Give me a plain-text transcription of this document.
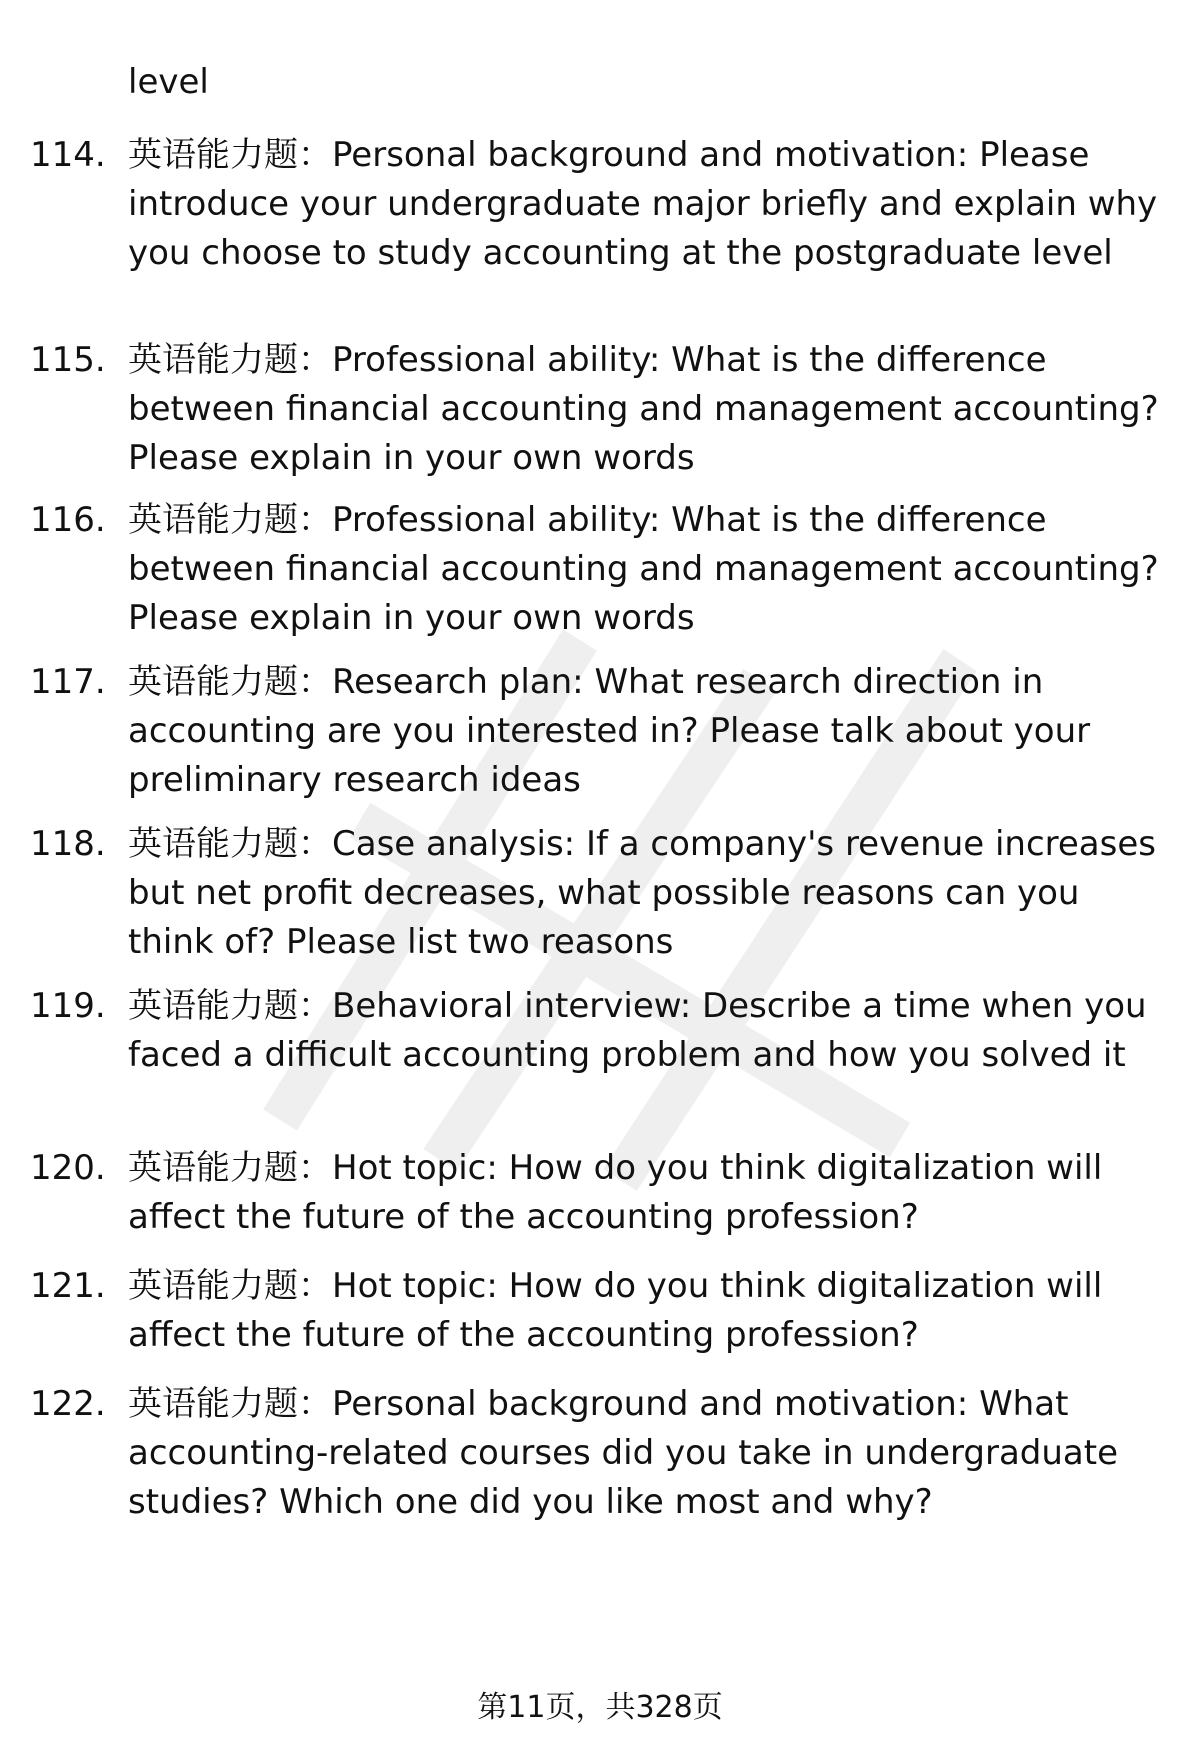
level
114. 英语能力题：Personal background and motivation: Please introduce your undergraduate major briefly and explain why you choose to study accounting at the postgraduate level
115. 英语能力题：Professional ability: What is the difference between financial accounting and management accounting? Please explain in your own words
116. 英语能力题：Professional ability: What is the difference between financial accounting and management accounting? Please explain in your own words
117. 英语能力题：Research plan: What research direction in accounting are you interested in? Please talk about your preliminary research ideas
118. 英语能力题：Case analysis: If a company's revenue increases but net profit decreases, what possible reasons can you think of? Please list two reasons
119. 英语能力题：Behavioral interview: Describe a time when you faced a difficult accounting problem and how you solved it
120. 英语能力题：Hot topic: How do you think digitalization will affect the future of the accounting profession?
121. 英语能力题：Hot topic: How do you think digitalization will affect the future of the accounting profession?
122. 英语能力题：Personal background and motivation: What accounting-related courses did you take in undergraduate studies? Which one did you like most and why?
第11页，共328页
